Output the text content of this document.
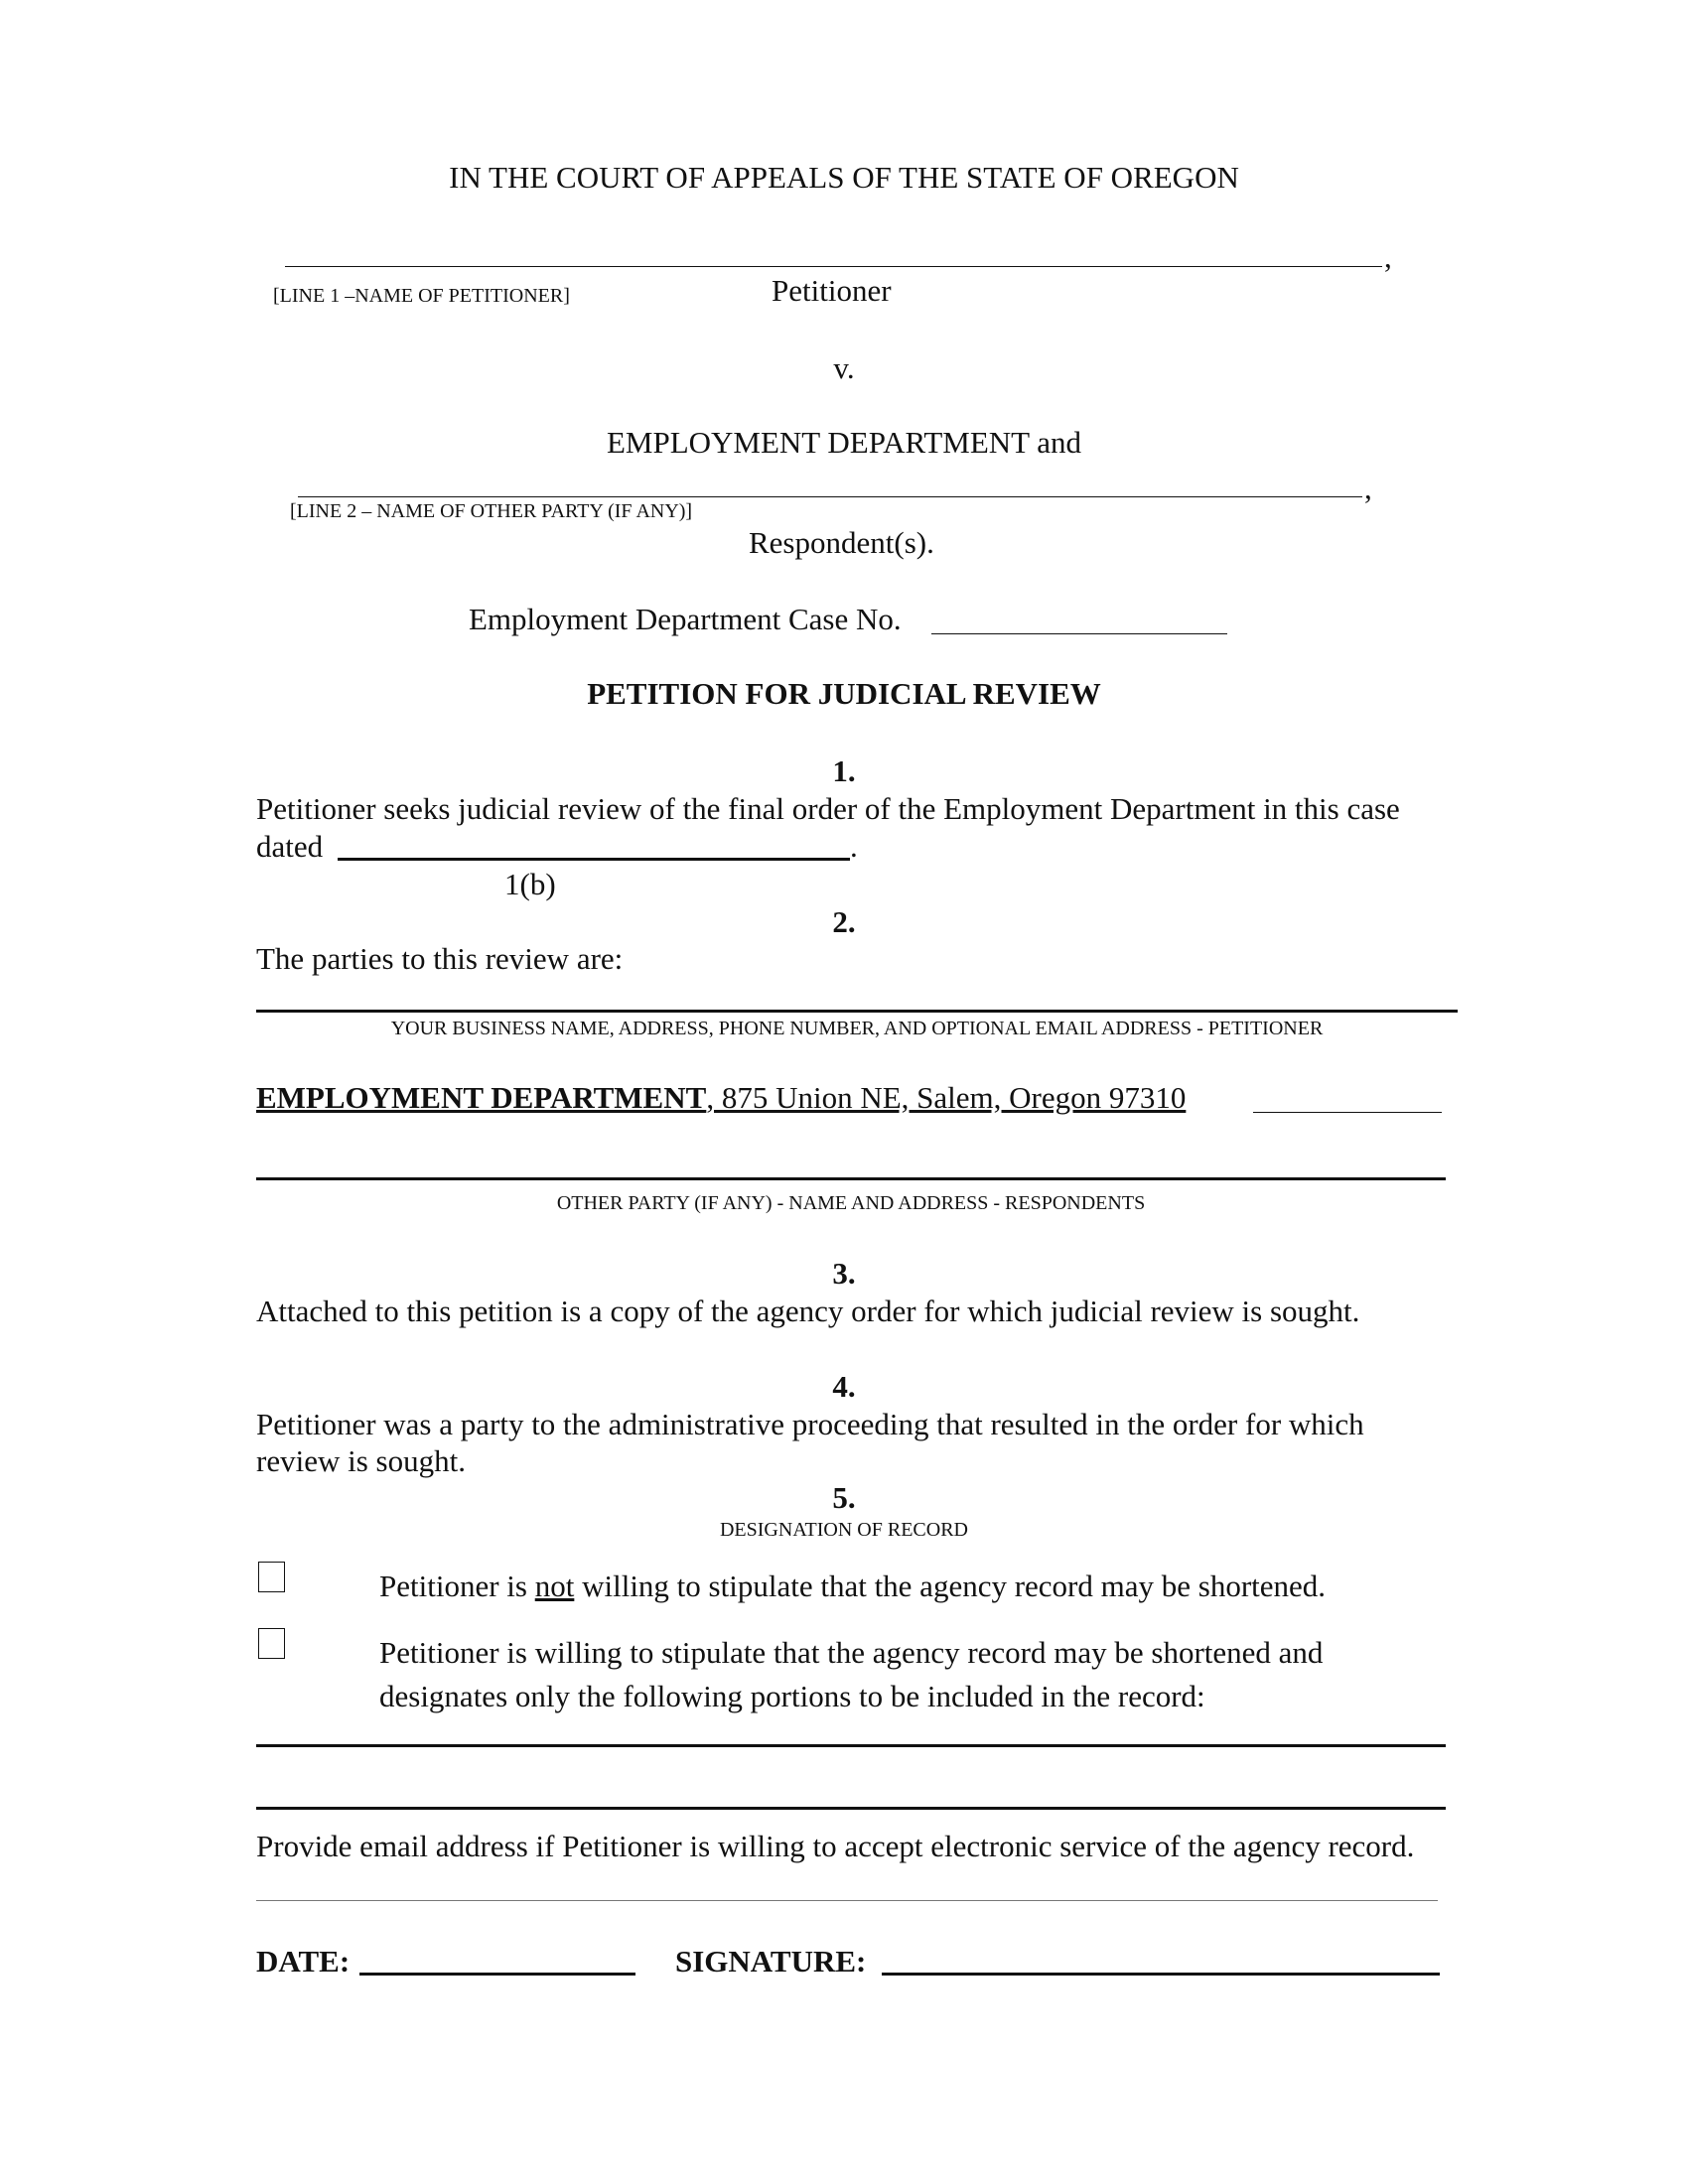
IN THE COURT OF APPEALS OF THE STATE OF OREGON
,
[LINE 1 –NAME OF PETITIONER]	Petitioner
v.
EMPLOYMENT DEPARTMENT and
,
[LINE 2 – NAME OF OTHER PARTY (IF ANY)]
Respondent(s).
Employment Department Case No.
PETITION FOR JUDICIAL REVIEW
1.
Petitioner seeks judicial review of the final order of the Employment Department in this case
dated	.
1(b)
2.
The parties to this review are:
YOUR BUSINESS NAME, ADDRESS, PHONE NUMBER, AND OPTIONAL EMAIL ADDRESS - PETITIONER
EMPLOYMENT DEPARTMENT, 875 Union NE, Salem, Oregon 97310
OTHER PARTY (IF ANY) - NAME AND ADDRESS - RESPONDENTS
3.
Attached to this petition is a copy of the agency order for which judicial review is sought.
4.
Petitioner was a party to the administrative proceeding that resulted in the order for which
review is sought.
5.
DESIGNATION OF RECORD
Petitioner is not willing to stipulate that the agency record may be shortened.
Petitioner is willing to stipulate that the agency record may be shortened and
designates only the following portions to be included in the record:
Provide email address if Petitioner is willing to accept electronic service of the agency record.
DATE:	SIGNATURE:
